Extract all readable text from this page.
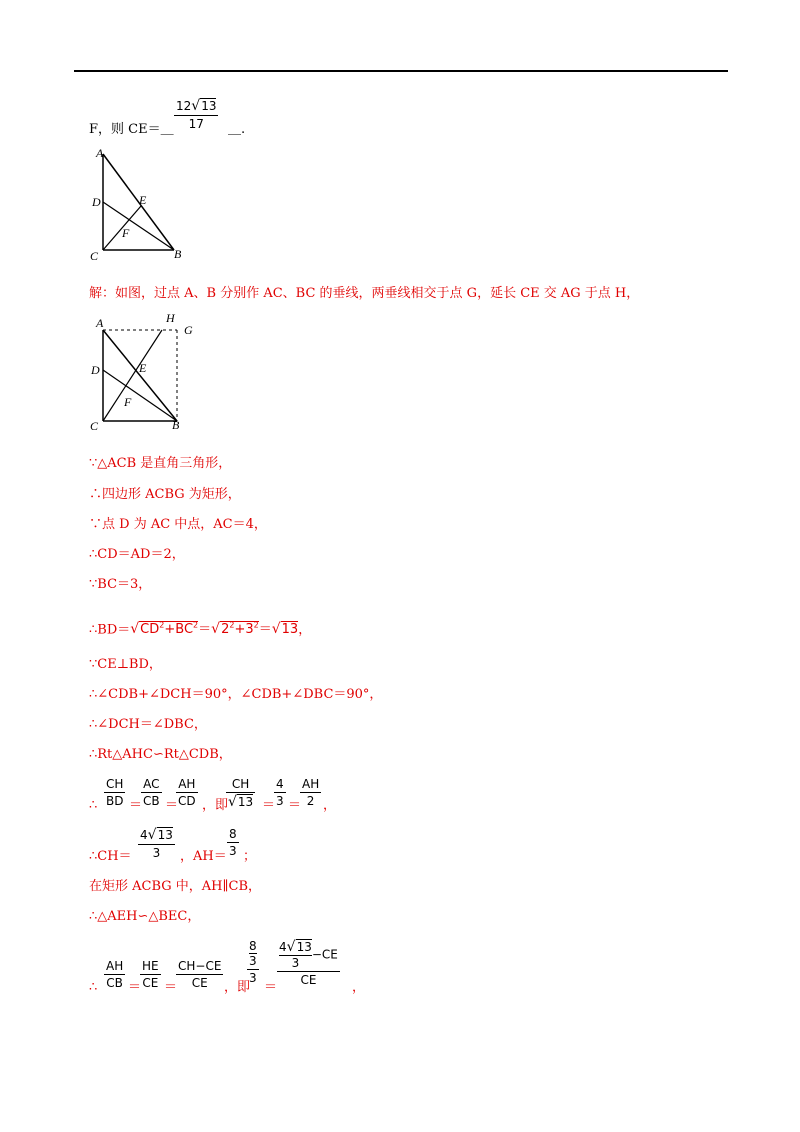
F，则 CE＝＿ $\frac{12√13}{17}$ ＿.
A
D	E
F
C	B
解：如图，过点 A、B 分别作 AC、BC 的垂线，两垂线相交于点 G，延长 CE 交 AG 于点 H，
A	H
G
D	E
F
C	B
∵△ACB 是直角三角形，
∴四边形 ACBG 为矩形，
∵点 D 为 AC 中点，AC＝4，
∴CD＝AD＝2，
∵BC＝3，
$\therefore BD=√CD^2+BC^2=√2^2+3^2=√13$，
∵CE⊥BD，
∴∠CDB+∠DCH＝90°，∠CDB+∠DBC＝90°，
∴∠DCH＝∠DBC，
∴Rt△AHC∽Rt△CDB，
∴ $\frac{CH}{BD}$ ＝
$\frac{AC}{CB}$ ＝
$\frac{AH}{CD}$ ，即
$\frac{CH}{√13}$ ＝
$\frac{4}{3}$ ＝
$\frac{AH}{2}$ ，
∴CH＝ $\frac{4√13}{3}$ ，$AH= \frac{8}{3}$ ；
在矩形 ACBG 中，AH∥CB，
∴△AEH∽△BEC，
∴ $\frac{AH}{CB}$ ＝
$\frac{HE}{CE}$ ＝
$\frac{CH-CE}{CE}$ ，即
8
3
3
＝
$\frac{\frac{4√13}{3} -CE}{CE}$
，
